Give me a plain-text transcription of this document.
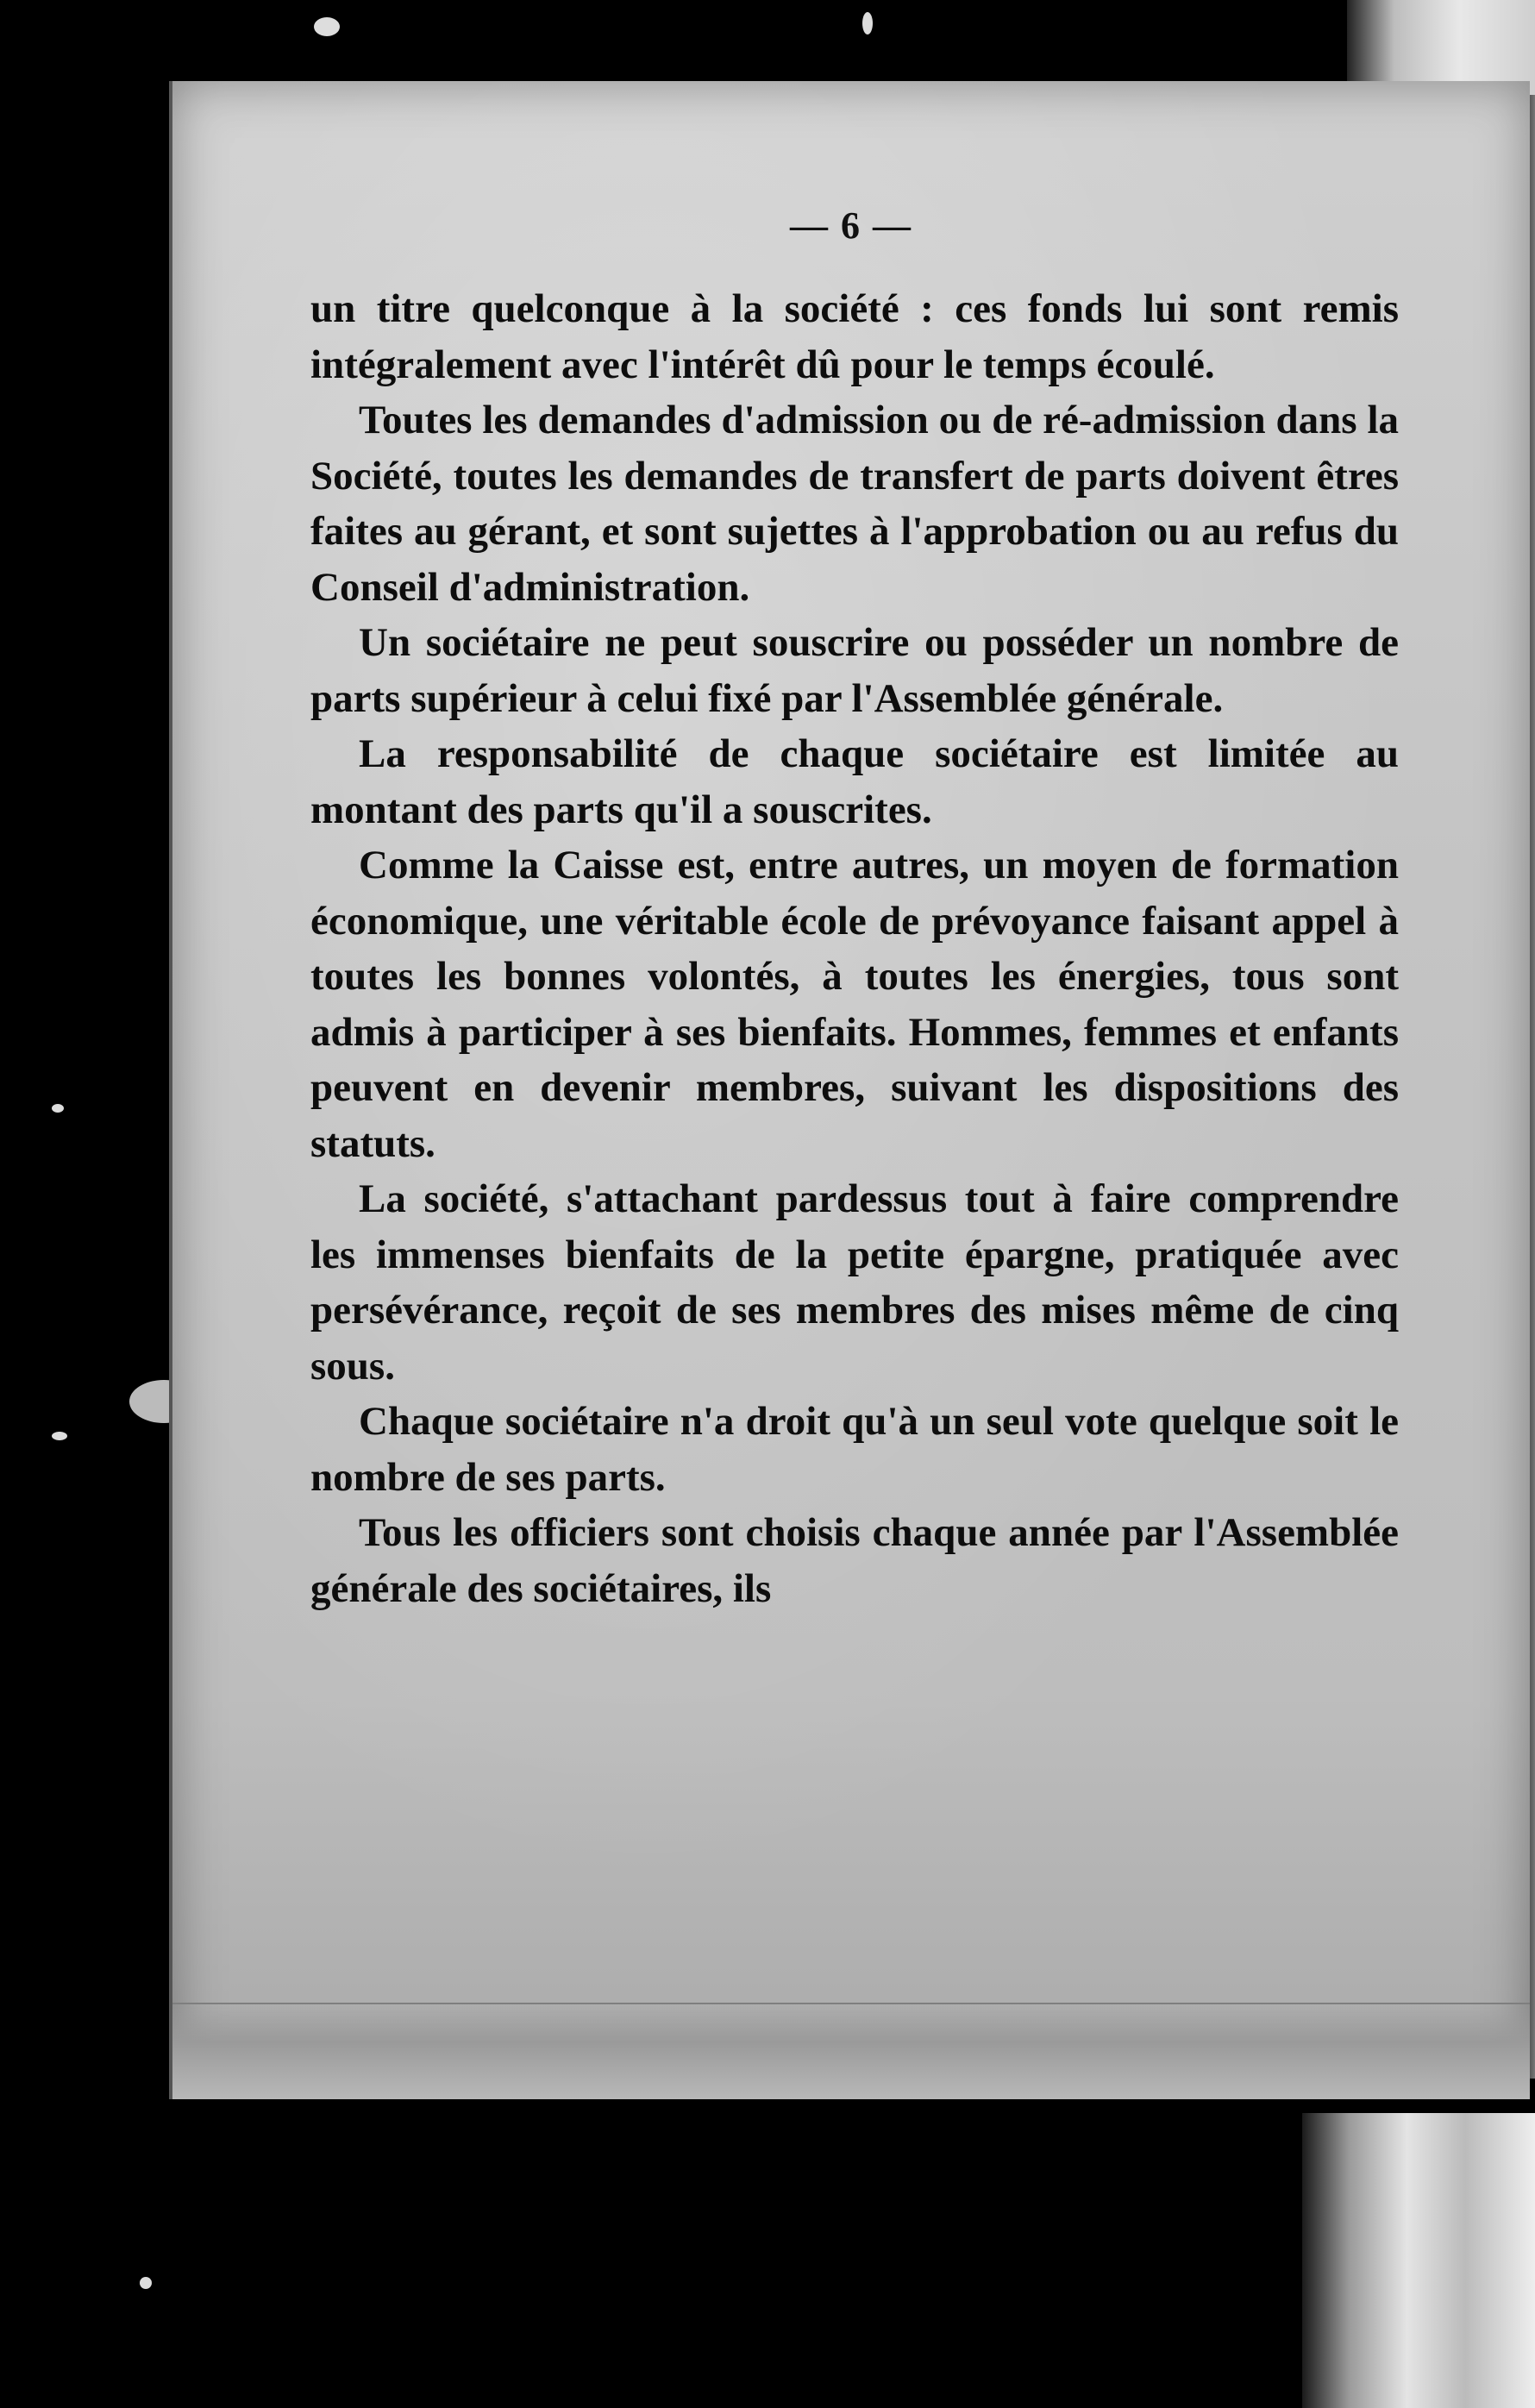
— 6 —

un titre quelconque à la société : ces fonds lui sont remis intégralement avec l'intérêt dû pour le temps écoulé.

Toutes les demandes d'admission ou de ré-admission dans la Société, toutes les demandes de transfert de parts doivent êtres faites au gérant, et sont sujettes à l'approbation ou au refus du Conseil d'administration.

Un sociétaire ne peut souscrire ou posséder un nombre de parts supérieur à celui fixé par l'Assemblée générale.

La responsabilité de chaque sociétaire est limitée au montant des parts qu'il a souscrites.

Comme la Caisse est, entre autres, un moyen de formation économique, une véritable école de prévoyance faisant appel à toutes les bonnes volontés, à toutes les énergies, tous sont admis à participer à ses bienfaits. Hommes, femmes et enfants peuvent en devenir membres, suivant les dispositions des statuts.

La société, s'attachant pardessus tout à faire comprendre les immenses bienfaits de la petite épargne, pratiquée avec persévérance, reçoit de ses membres des mises même de cinq sous.

Chaque sociétaire n'a droit qu'à un seul vote quelque soit le nombre de ses parts.

Tous les officiers sont choisis chaque année par l'Assemblée générale des sociétaires, ils
